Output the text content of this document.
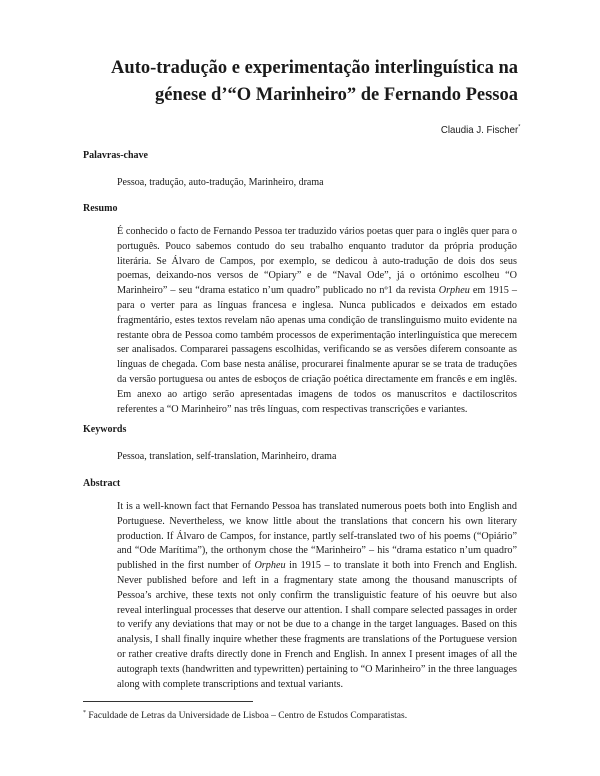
Auto-tradução e experimentação interlinguística na
génese d’“O Marinheiro” de Fernando Pessoa
Claudia J. Fischer*
Palavras-chave
Pessoa, tradução, auto-tradução, Marinheiro, drama
Resumo

É conhecido o facto de Fernando Pessoa ter traduzido vários poetas quer para o inglês quer para o português. Pouco sabemos contudo do seu trabalho enquanto tradutor da própria produção literária. Se Álvaro de Campos, por exemplo, se dedicou à auto-tradução de dois dos seus poemas, deixando-nos versos de “Opiary” e de “Naval Ode”, já o ortónimo escolheu “O Marinheiro” – seu “drama estatico n’um quadro” publicado no nº1 da revista Orpheu em 1915 – para o verter para as línguas francesa e inglesa. Nunca publicados e deixados em estado fragmentário, estes textos revelam não apenas uma condição de translinguismo muito evidente na restante obra de Pessoa como também processos de experimentação interlinguística que merecem ser analisados. Compararei passagens escolhidas, verificando se as versões diferem consoante as línguas de chegada. Com base nesta análise, procurarei finalmente apurar se se trata de traduções da versão portuguesa ou antes de esboços de criação poética directamente em francês e em inglês. Em anexo ao artigo serão apresentadas imagens de todos os manuscritos e dactiloscritos referentes a “O Marinheiro” nas três línguas, com respectivas transcrições e variantes.

Keywords
Pessoa, translation, self-translation, Marinheiro, drama
Abstract

It is a well-known fact that Fernando Pessoa has translated numerous poets both into English and Portuguese. Nevertheless, we know little about the translations that concern his own literary production. If Álvaro de Campos, for instance, partly self-translated two of his poems (“Opiário” and “Ode Marítima”), the orthonym chose the “Marinheiro” – his “drama estatico n’um quadro” published in the first number of Orpheu in 1915 – to translate it both into French and English. Never published before and left in a fragmentary state among the thousand manuscripts of Pessoa’s archive, these texts not only confirm the transliguistic feature of his oeuvre but also reveal interlingual processes that deserve our attention. I shall compare selected passages in order to verify any deviations that may or not be due to a change in the target languages. Based on this analysis, I shall finally inquire whether these fragments are translations of the Portuguese version or rather creative drafts directly done in French and English. In annex I present images of all the autograph texts (handwritten and typewritten) pertaining to “O Marinheiro” in the three languages along with complete transcriptions and textual variants.

* Faculdade de Letras da Universidade de Lisboa – Centro de Estudos Comparatistas.
